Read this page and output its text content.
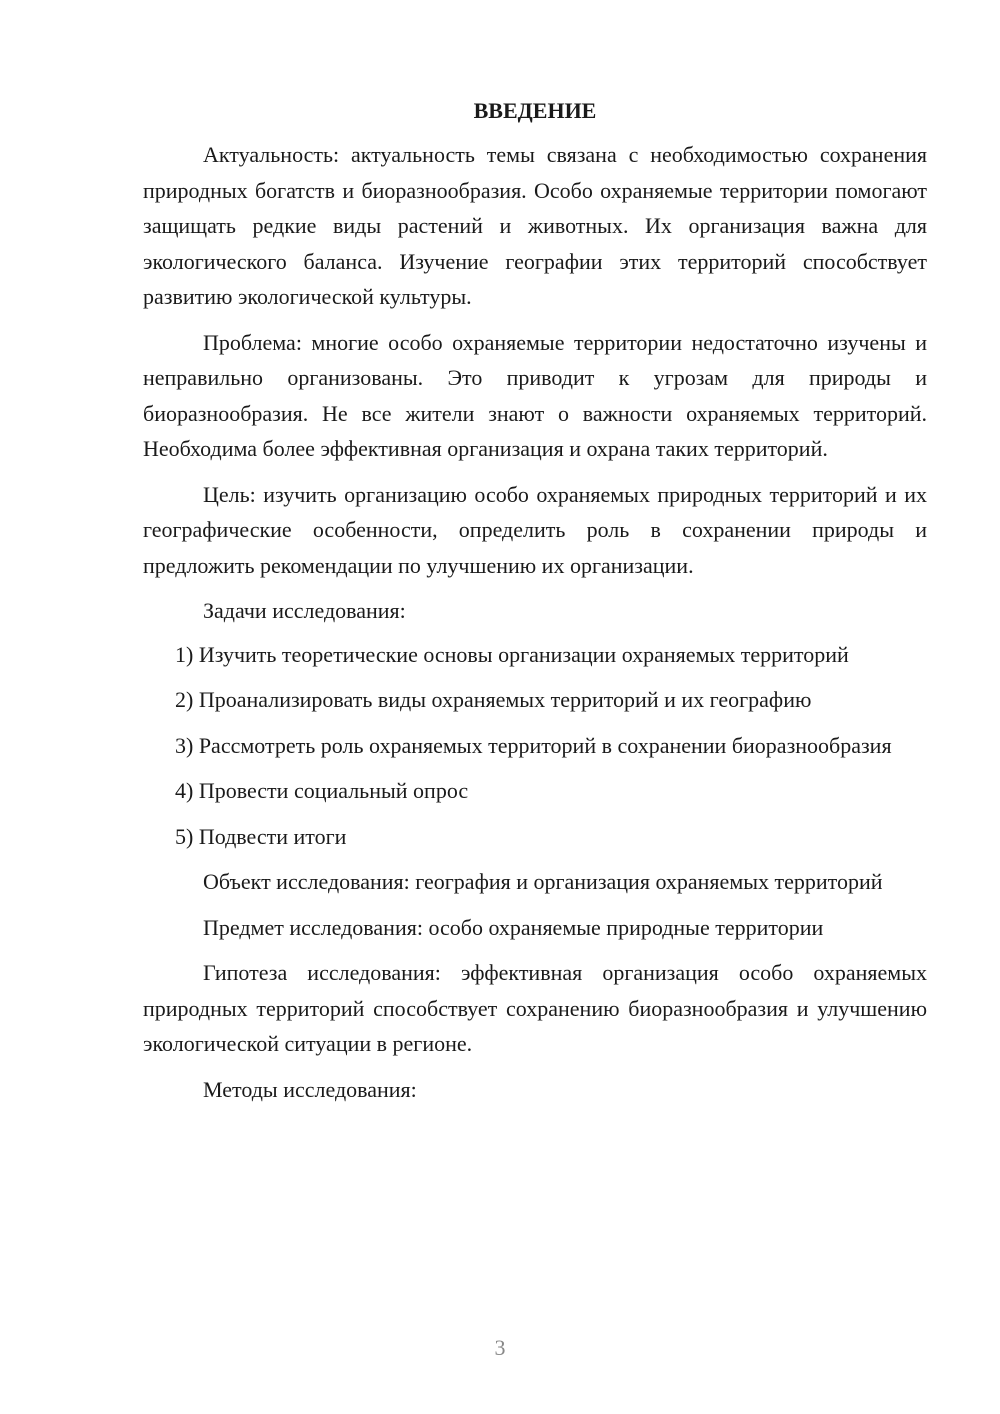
ВВЕДЕНИЕ

Актуальность: актуальность темы связана с необходимостью сохранения природных богатств и биоразнообразия. Особо охраняемые территории помогают защищать редкие виды растений и животных. Их организация важна для экологического баланса. Изучение географии этих территорий способствует развитию экологической культуры.

Проблема: многие особо охраняемые территории недостаточно изучены и неправильно организованы. Это приводит к угрозам для природы и биоразнообразия. Не все жители знают о важности охраняемых территорий. Необходима более эффективная организация и охрана таких территорий.

Цель: изучить организацию особо охраняемых природных территорий и их географические особенности, определить роль в сохранении природы и предложить рекомендации по улучшению их организации.

Задачи исследования:

1) Изучить теоретические основы организации охраняемых территорий

2) Проанализировать виды охраняемых территорий и их географию

3) Рассмотреть роль охраняемых территорий в сохранении биоразнообразия

4) Провести социальный опрос

5) Подвести итоги

Объект исследования: география и организация охраняемых территорий

Предмет исследования: особо охраняемые природные территории

Гипотеза исследования: эффективная организация особо охраняемых природных территорий способствует сохранению биоразнообразия и улучшению экологической ситуации в регионе.

Методы исследования:

3
